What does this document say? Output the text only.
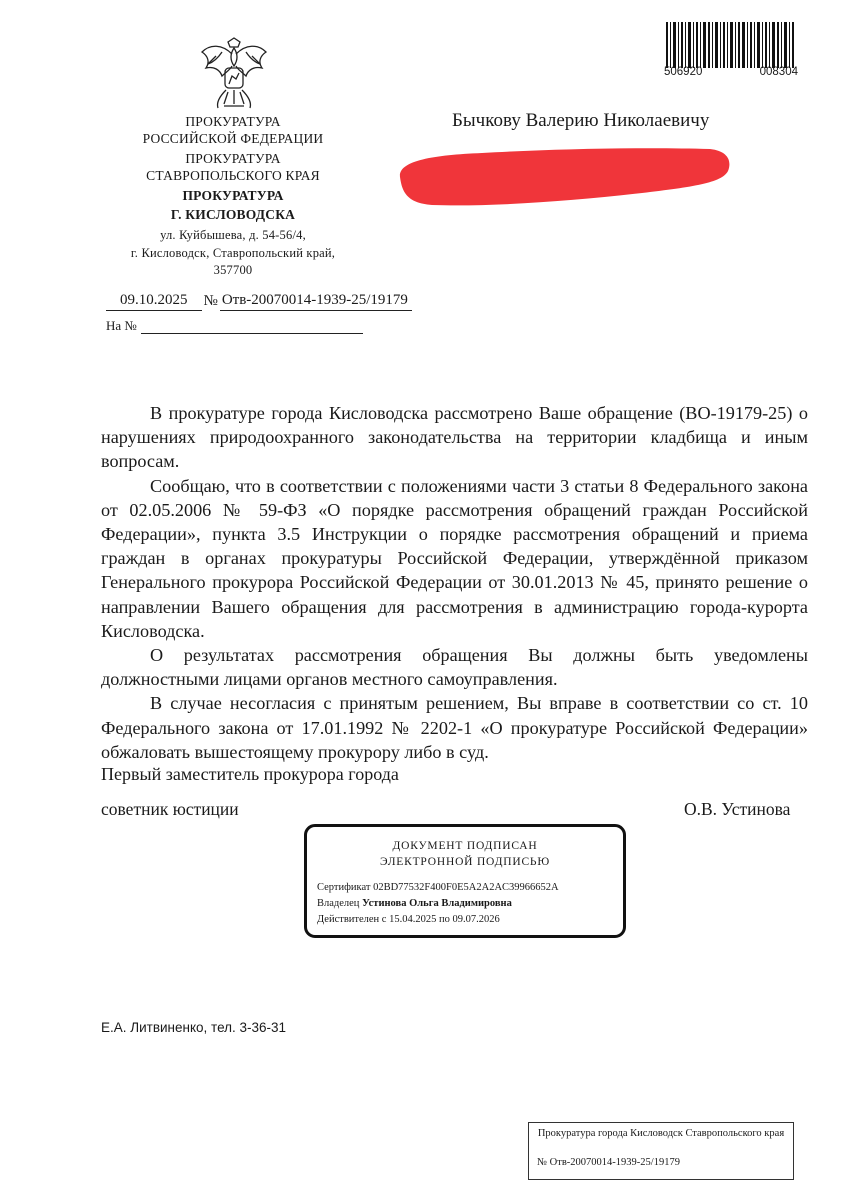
ПРОКУРАТУРА
РОССИЙСКОЙ ФЕДЕРАЦИИ
ПРОКУРАТУРА
СТАВРОПОЛЬСКОГО КРАЯ
ПРОКУРАТУРА
Г. КИСЛОВОДСКА
ул. Куйбышева, д. 54-56/4,
г. Кисловодск, Ставропольский край,
357700
506920	008304
Бычкову Валерию Николаевичу
09.10.2025	№ Отв-20070014-1939-25/19179
На №

В прокуратуре города Кисловодска рассмотрено Ваше обращение (ВО-19179-25) о нарушениях природоохранного законодательства на территории кладбища и иным вопросам.

Сообщаю, что в соответствии с положениями части 3 статьи 8 Федерального закона от 02.05.2006 № 59-ФЗ «О порядке рассмотрения обращений граждан Российской Федерации», пункта 3.5 Инструкции о порядке рассмотрения обращений и приема граждан в органах прокуратуры Российской Федерации, утверждённой приказом Генерального прокурора Российской Федерации от 30.01.2013 № 45, принято решение о направлении Вашего обращения для рассмотрения в администрацию города-курорта Кисловодска.

О результатах рассмотрения обращения Вы должны быть уведомлены должностными лицами органов местного самоуправления.

В случае несогласия с принятым решением, Вы вправе в соответствии со ст. 10 Федерального закона от 17.01.1992 № 2202-1 «О прокуратуре Российской Федерации» обжаловать вышестоящему прокурору либо в суд.

Первый заместитель прокурора города
советник юстиции	О.В. Устинова
ДОКУМЕНТ ПОДПИСАН
ЭЛЕКТРОННОЙ ПОДПИСЬЮ
Сертификат 02BD77532F400F0E5A2A2AC39966652A
Владелец Устинова Ольга Владимировна
Действителен с 15.04.2025 по 09.07.2026
Е.А. Литвиненко, тел. 3-36-31
Прокуратура города Кисловодск Ставропольского края
№ Отв-20070014-1939-25/19179
